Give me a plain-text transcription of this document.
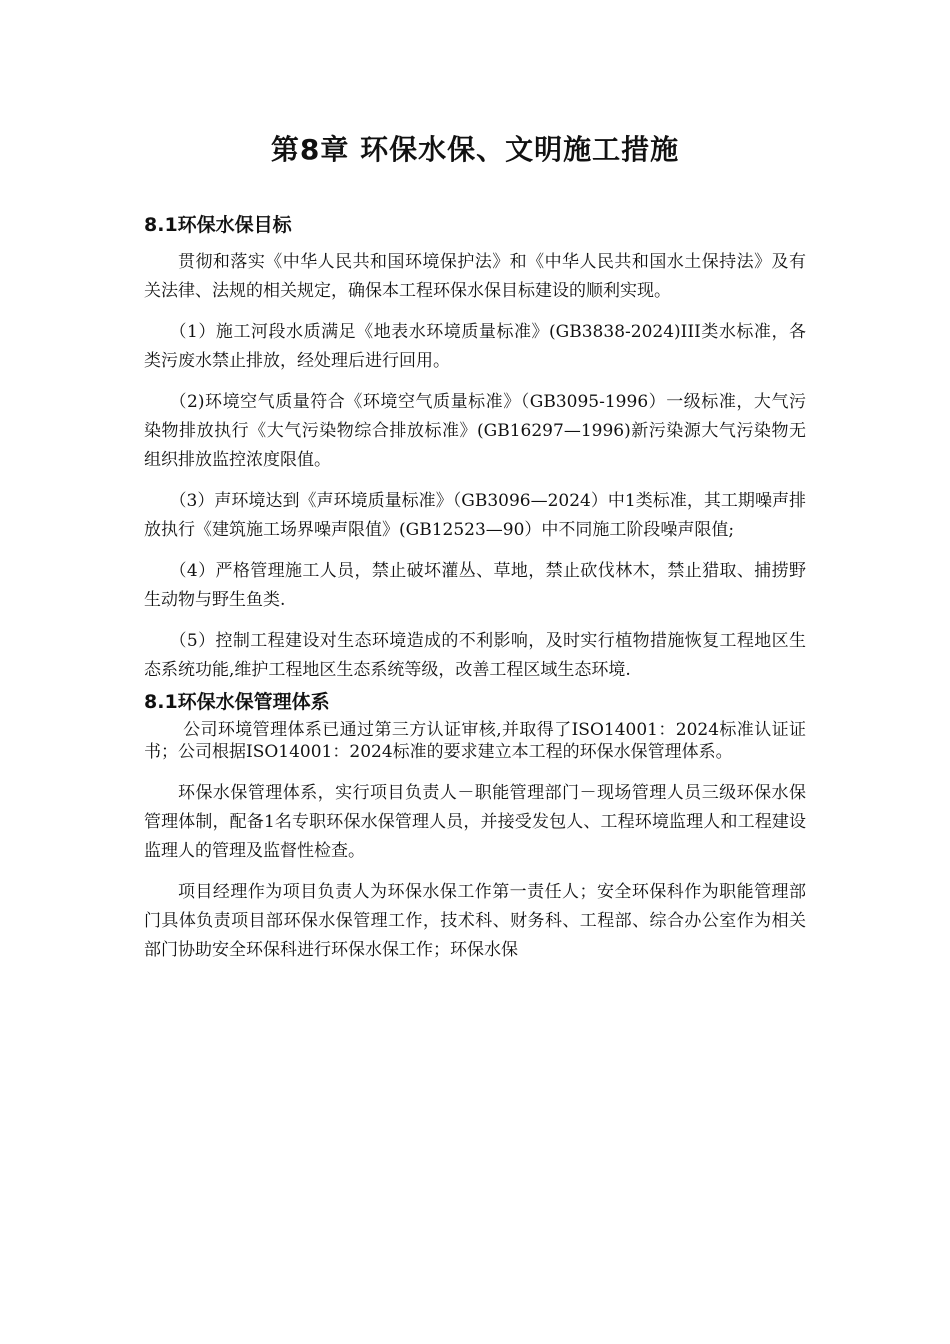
第8章 环保水保、文明施工措施
8.1环保水保目标

贯彻和落实《中华人民共和国环境保护法》和《中华人民共和国水土保持法》及有关法律、法规的相关规定，确保本工程环保水保目标建设的顺利实现。

（1）施工河段水质满足《地表水环境质量标准》(GB3838-2024)III类水标准，各类污废水禁止排放，经处理后进行回用。

（2)环境空气质量符合《环境空气质量标准》（GB3095-1996）一级标准，大气污染物排放执行《大气污染物综合排放标准》(GB16297—1996)新污染源大气污染物无组织排放监控浓度限值。

（3）声环境达到《声环境质量标准》（GB3096—2024）中1类标准，其工期噪声排放执行《建筑施工场界噪声限值》(GB12523—90）中不同施工阶段噪声限值;

（4）严格管理施工人员，禁止破坏灌丛、草地，禁止砍伐林木，禁止猎取、捕捞野生动物与野生鱼类.

（5）控制工程建设对生态环境造成的不利影响，及时实行植物措施恢复工程地区生态系统功能,维护工程地区生态系统等级，改善工程区域生态环境.

8.1环保水保管理体系

公司环境管理体系已通过第三方认证审核,并取得了ISO14001：2024标准认证证书；公司根据ISO14001：2024标准的要求建立本工程的环保水保管理体系。

环保水保管理体系，实行项目负责人－职能管理部门－现场管理人员三级环保水保管理体制，配备1名专职环保水保管理人员，并接受发包人、工程环境监理人和工程建设监理人的管理及监督性检查。

项目经理作为项目负责人为环保水保工作第一责任人；安全环保科作为职能管理部门具体负责项目部环保水保管理工作，技术科、财务科、工程部、综合办公室作为相关部门协助安全环保科进行环保水保工作；环保水保
